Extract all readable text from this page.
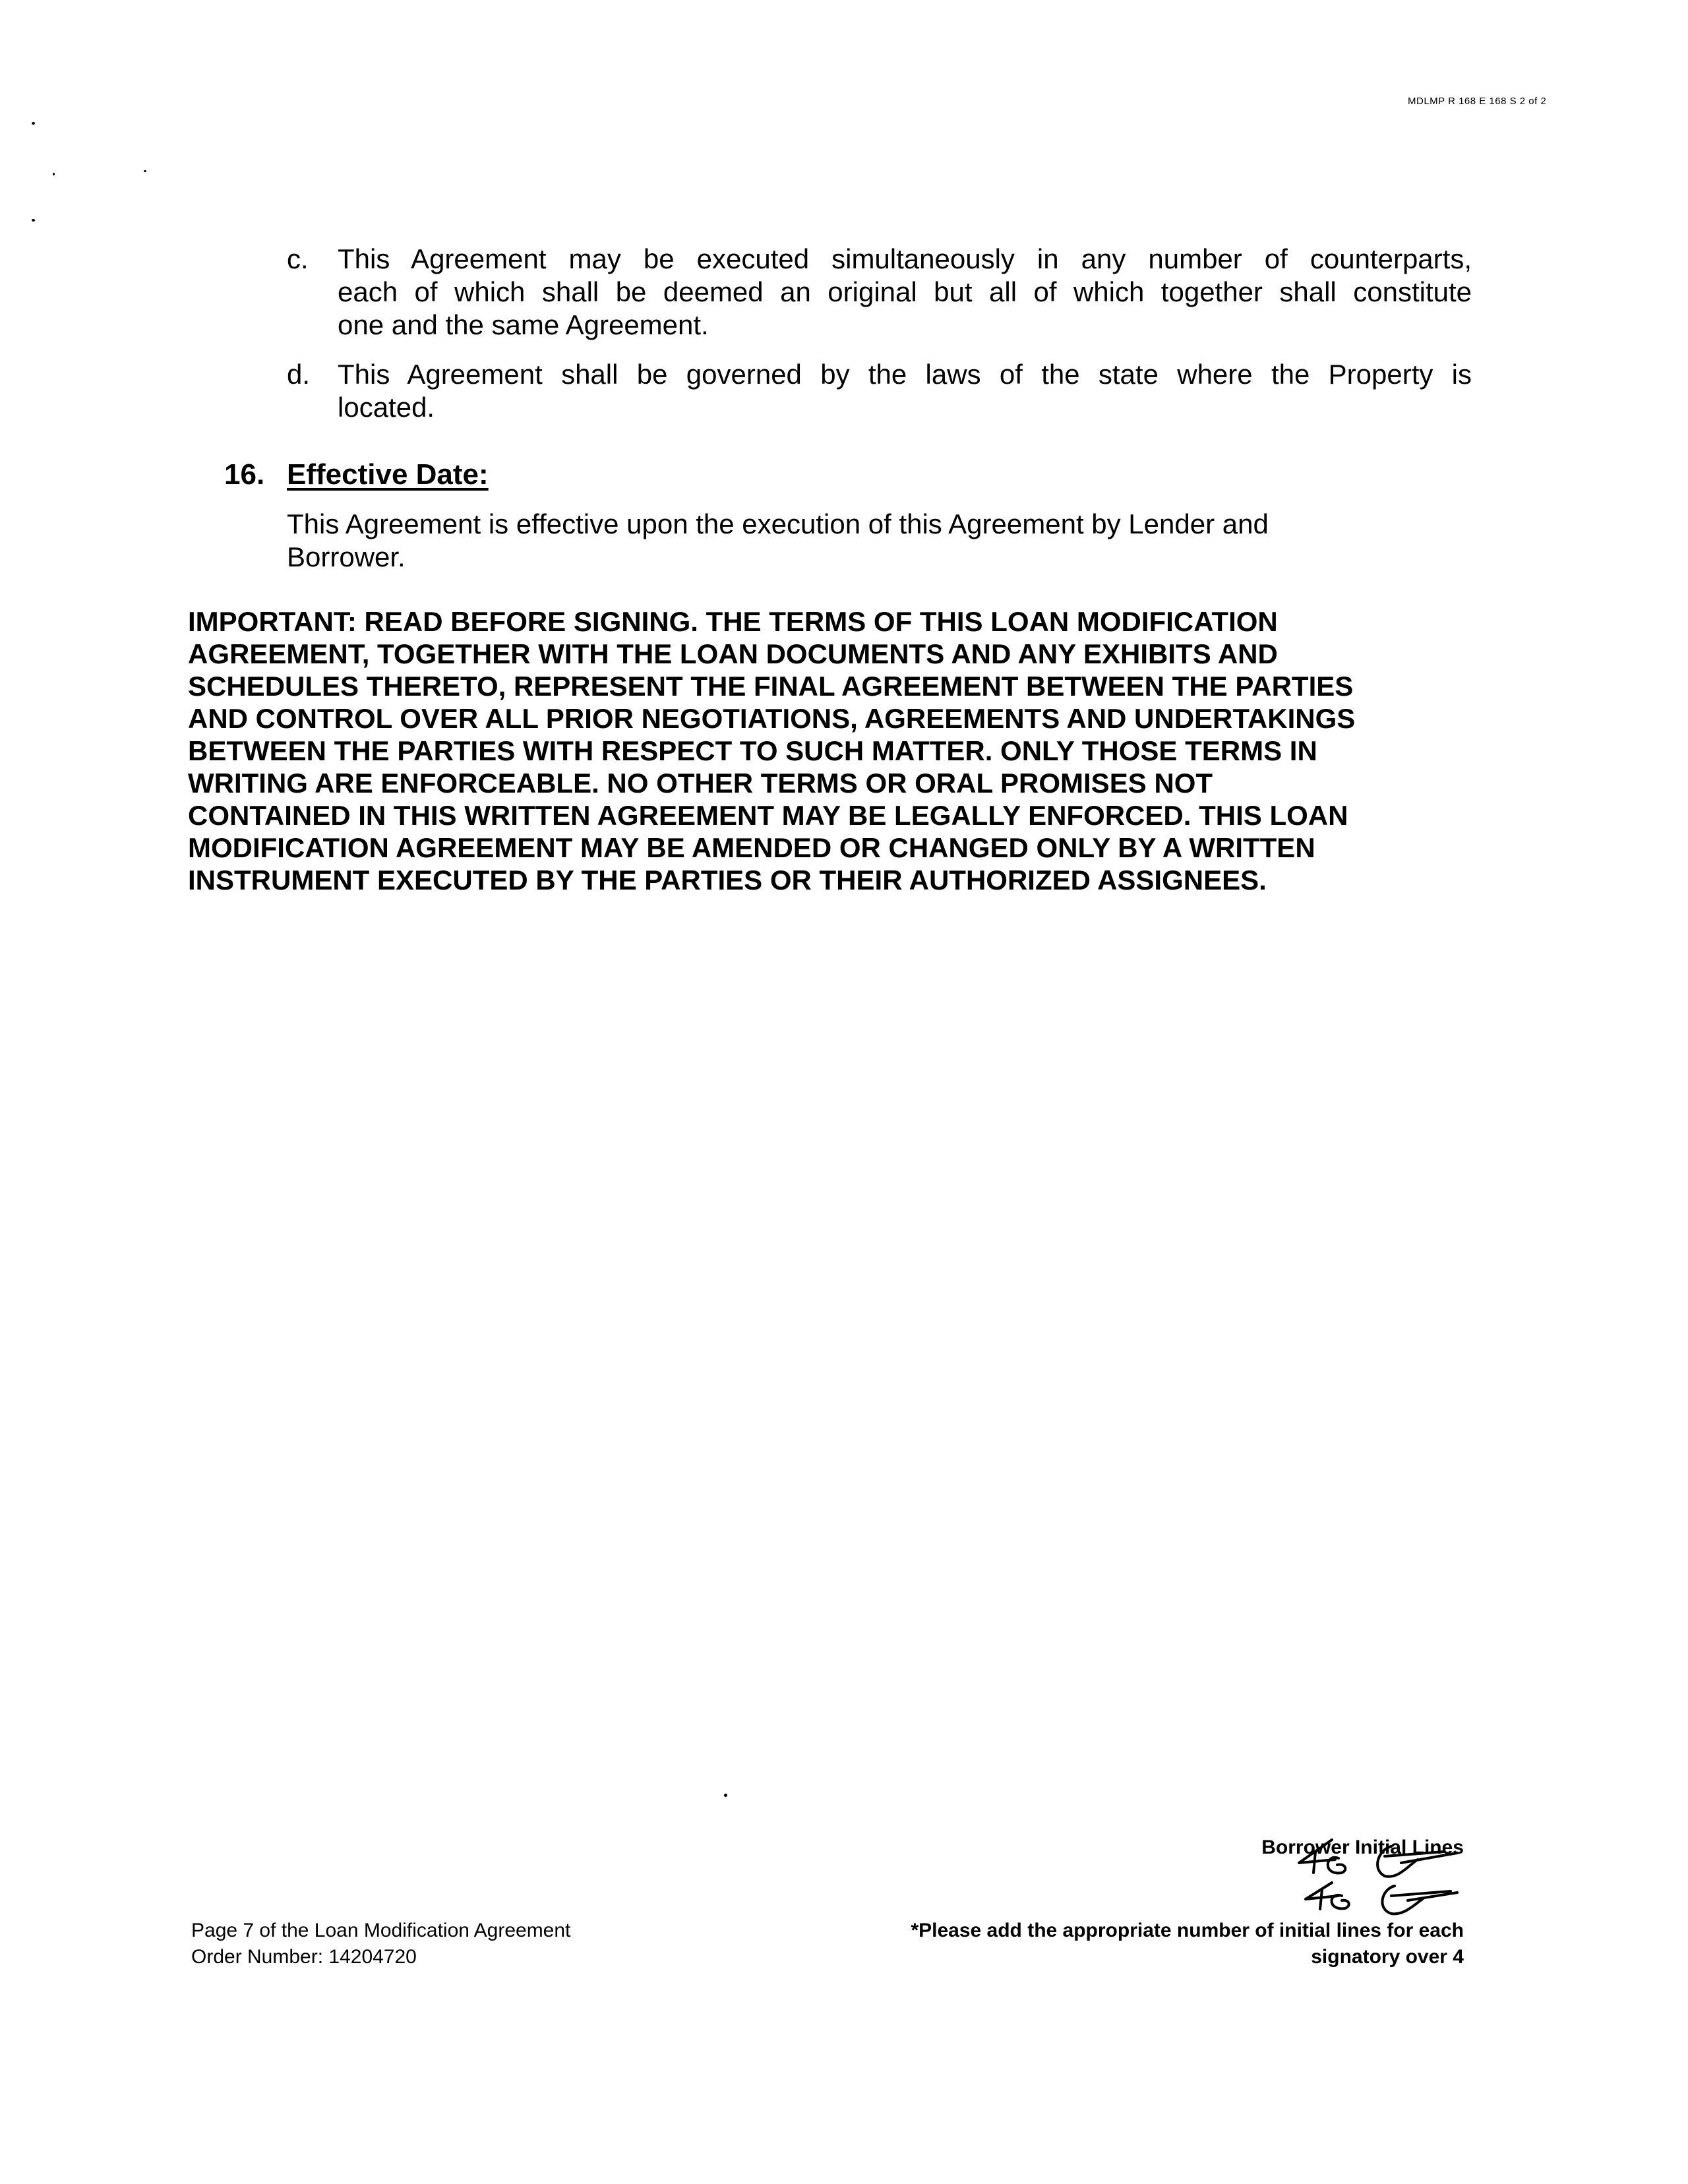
MDLMP R 168 E 168 S 2 of 2
c. This Agreement may be executed simultaneously in any number of counterparts,
each of which shall be deemed an original but all of which together shall constitute
one and the same Agreement.
d. This Agreement shall be governed by the laws of the state where the Property is
located.
16. Effective Date:
This Agreement is effective upon the execution of this Agreement by Lender and
Borrower.
IMPORTANT: READ BEFORE SIGNING. THE TERMS OF THIS LOAN MODIFICATION
AGREEMENT, TOGETHER WITH THE LOAN DOCUMENTS AND ANY EXHIBITS AND
SCHEDULES THERETO, REPRESENT THE FINAL AGREEMENT BETWEEN THE PARTIES
AND CONTROL OVER ALL PRIOR NEGOTIATIONS, AGREEMENTS AND UNDERTAKINGS
BETWEEN THE PARTIES WITH RESPECT TO SUCH MATTER. ONLY THOSE TERMS IN
WRITING ARE ENFORCEABLE. NO OTHER TERMS OR ORAL PROMISES NOT
CONTAINED IN THIS WRITTEN AGREEMENT MAY BE LEGALLY ENFORCED. THIS LOAN
MODIFICATION AGREEMENT MAY BE AMENDED OR CHANGED ONLY BY A WRITTEN
INSTRUMENT EXECUTED BY THE PARTIES OR THEIR AUTHORIZED ASSIGNEES.
Borrower Initial Lines
Page 7 of the Loan Modification Agreement
Order Number: 14204720
*Please add the appropriate number of initial lines for each
signatory over 4
